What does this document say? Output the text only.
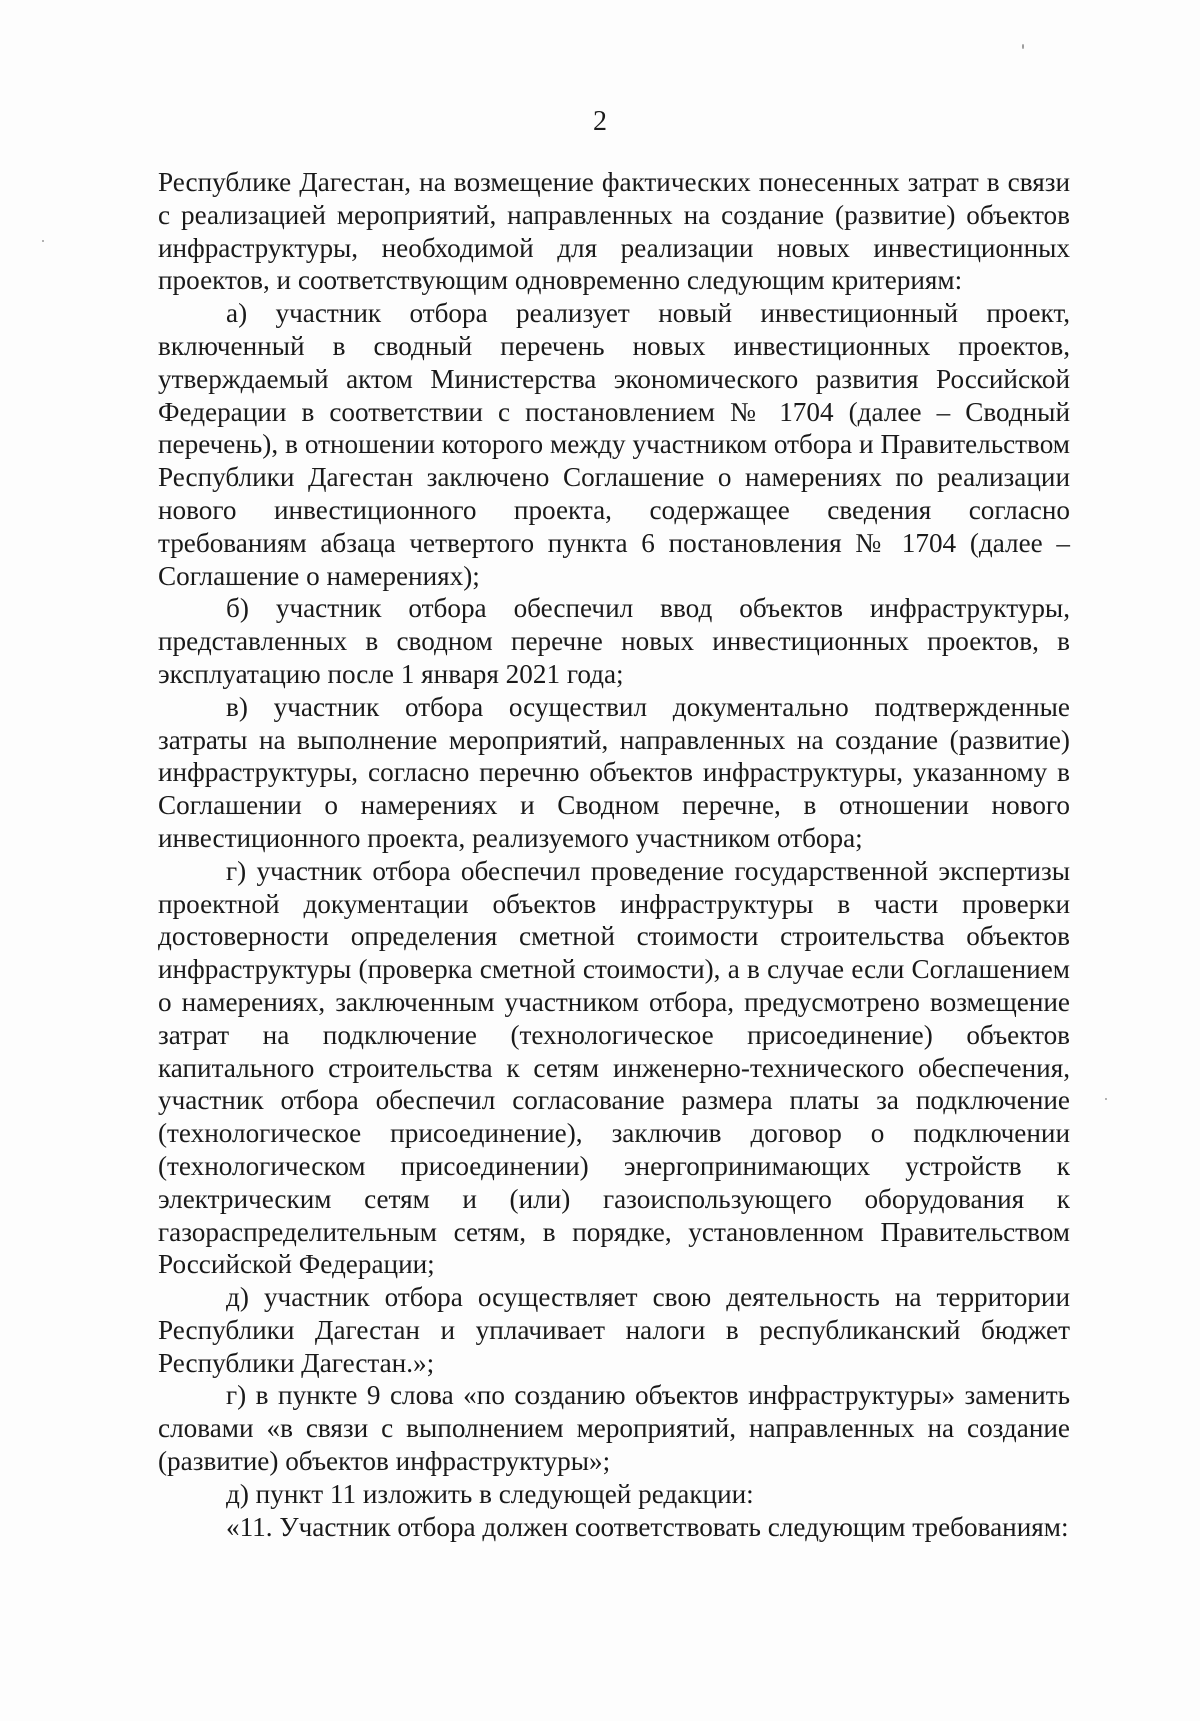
2

Республике Дагестан, на возмещение фактических понесенных затрат в связи с реализацией мероприятий, направленных на создание (развитие) объектов инфраструктуры, необходимой для реализации новых инвестиционных проектов, и соответствующим одновременно следующим критериям:

а) участник отбора реализует новый инвестиционный проект, включенный в сводный перечень новых инвестиционных проектов, утверждаемый актом Министерства экономического развития Российской Федерации в соответствии с постановлением № 1704 (далее – Сводный перечень), в отношении которого между участником отбора и Правительством Республики Дагестан заключено Соглашение о намерениях по реализации нового инвестиционного проекта, содержащее сведения согласно требованиям абзаца четвертого пункта 6 постановления № 1704 (далее – Соглашение о намерениях);

б) участник отбора обеспечил ввод объектов инфраструктуры, представленных в сводном перечне новых инвестиционных проектов, в эксплуатацию после 1 января 2021 года;

в) участник отбора осуществил документально подтвержденные затраты на выполнение мероприятий, направленных на создание (развитие) инфраструктуры, согласно перечню объектов инфраструктуры, указанному в Соглашении о намерениях и Сводном перечне, в отношении нового инвестиционного проекта, реализуемого участником отбора;

г) участник отбора обеспечил проведение государственной экспертизы проектной документации объектов инфраструктуры в части проверки достоверности определения сметной стоимости строительства объектов инфраструктуры (проверка сметной стоимости), а в случае если Соглашением о намерениях, заключенным участником отбора, предусмотрено возмещение затрат на подключение (технологическое присоединение) объектов капитального строительства к сетям инженерно-технического обеспечения, участник отбора обеспечил согласование размера платы за подключение (технологическое присоединение), заключив договор о подключении (технологическом присоединении) энергопринимающих устройств к электрическим сетям и (или) газоиспользующего оборудования к газораспределительным сетям, в порядке, установленном Правительством Российской Федерации;

д) участник отбора осуществляет свою деятельность на территории Республики Дагестан и уплачивает налоги в республиканский бюджет Республики Дагестан.»;

г) в пункте 9 слова «по созданию объектов инфраструктуры» заменить словами «в связи с выполнением мероприятий, направленных на создание (развитие) объектов инфраструктуры»;

д) пункт 11 изложить в следующей редакции:

«11. Участник отбора должен соответствовать следующим требованиям:
